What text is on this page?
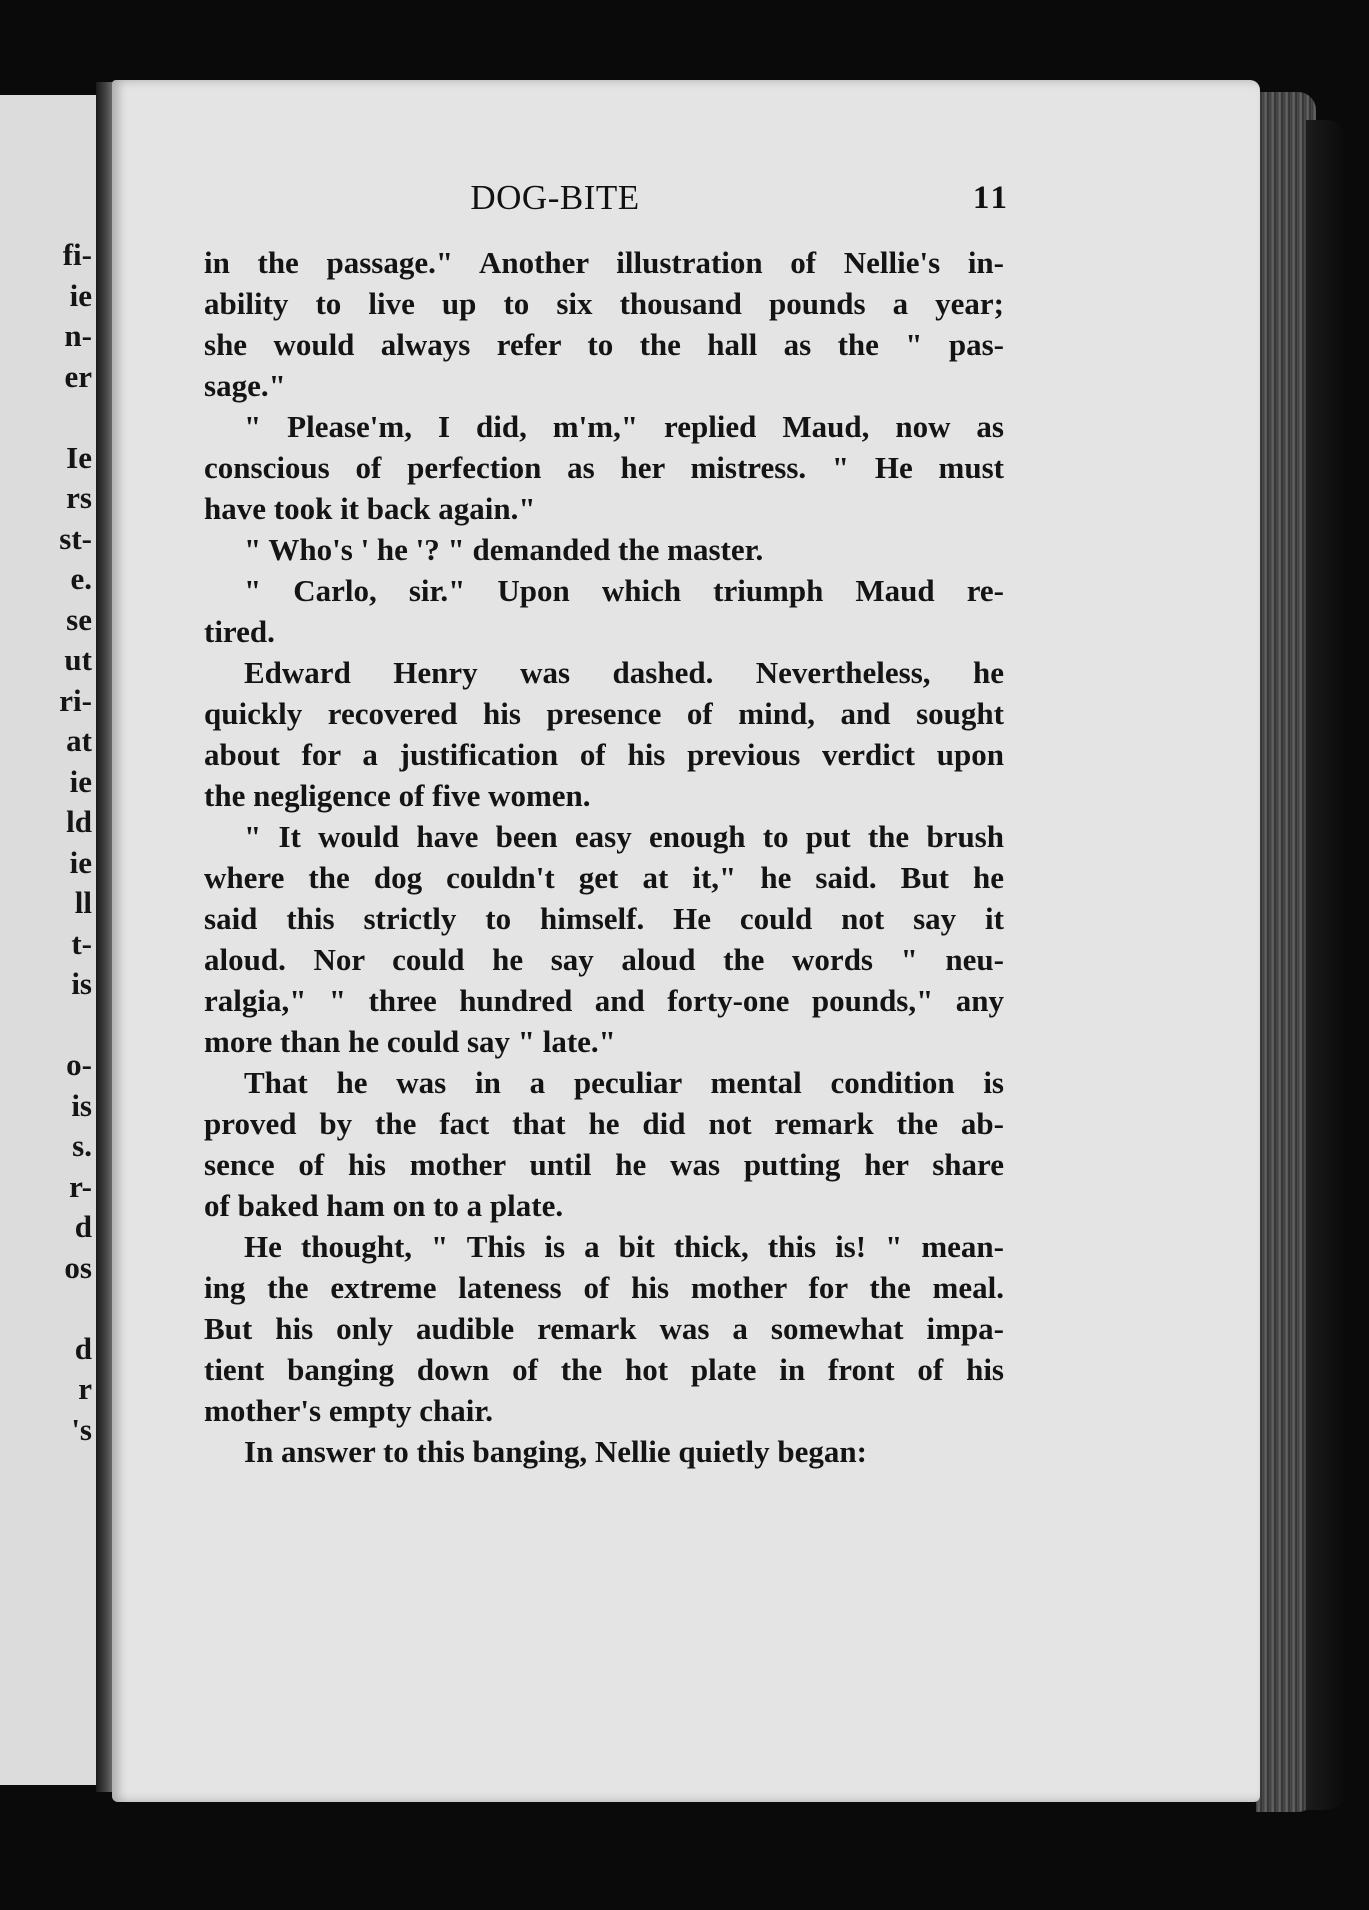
fi-
ie
n-
er
Ie
rs
st-
e.
se
ut
ri-
at
ie
ld
ie
ll
t-
is
o-
is
s.
r-
d
os
d
r
's
DOG-BITE	11
in the passage." Another illustration of Nellie's in-
ability to live up to six thousand pounds a year;
she would always refer to the hall as the " pas-
sage."
" Please'm, I did, m'm," replied Maud, now as
conscious of perfection as her mistress. " He must
have took it back again."
" Who's ' he '? " demanded the master.
" Carlo, sir." Upon which triumph Maud re-
tired.
Edward Henry was dashed. Nevertheless, he
quickly recovered his presence of mind, and sought
about for a justification of his previous verdict upon
the negligence of five women.
" It would have been easy enough to put the brush
where the dog couldn't get at it," he said. But he
said this strictly to himself. He could not say it
aloud. Nor could he say aloud the words " neu-
ralgia," " three hundred and forty-one pounds," any
more than he could say " late."
That he was in a peculiar mental condition is
proved by the fact that he did not remark the ab-
sence of his mother until he was putting her share
of baked ham on to a plate.
He thought, " This is a bit thick, this is! " mean-
ing the extreme lateness of his mother for the meal.
But his only audible remark was a somewhat impa-
tient banging down of the hot plate in front of his
mother's empty chair.
In answer to this banging, Nellie quietly began:
